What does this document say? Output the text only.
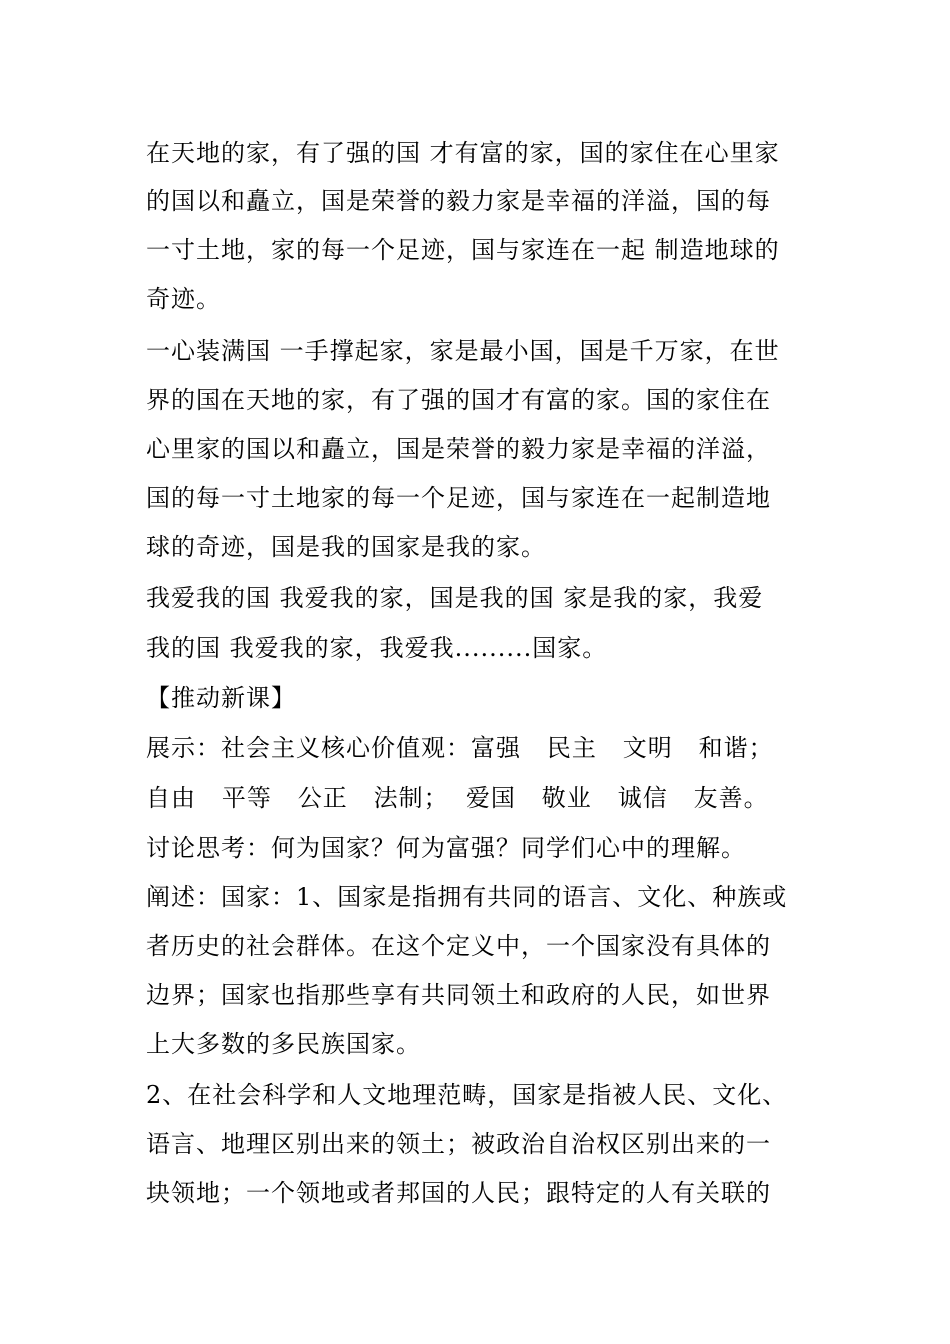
在天地的家，有了强的国 才有富的家，国的家住在心里家
的国以和矗立，国是荣誉的毅力家是幸福的洋溢，国的每
一寸土地，家的每一个足迹，国与家连在一起 制造地球的
奇迹。
一心装满国 一手撑起家，家是最小国，国是千万家，在世
界的国在天地的家，有了强的国才有富的家。国的家住在
心里家的国以和矗立，国是荣誉的毅力家是幸福的洋溢，
国的每一寸土地家的每一个足迹，国与家连在一起制造地
球的奇迹，国是我的国家是我的家。
我爱我的国 我爱我的家，国是我的国 家是我的家，我爱
我的国 我爱我的家，我爱我.........国家。
【推动新课】
展示：社会主义核心价值观：富强   民主   文明   和谐；
自由   平等   公正   法制；  爱国   敬业   诚信   友善。
讨论思考：何为国家？何为富强？同学们心中的理解。
阐述：国家：1、国家是指拥有共同的语言、文化、种族或
者历史的社会群体。在这个定义中，一个国家没有具体的
边界；国家也指那些享有共同领土和政府的人民，如世界
上大多数的多民族国家。
2、在社会科学和人文地理范畴，国家是指被人民、文化、
语言、地理区别出来的领土；被政治自治权区别出来的一
块领地；一个领地或者邦国的人民；跟特定的人有关联的
